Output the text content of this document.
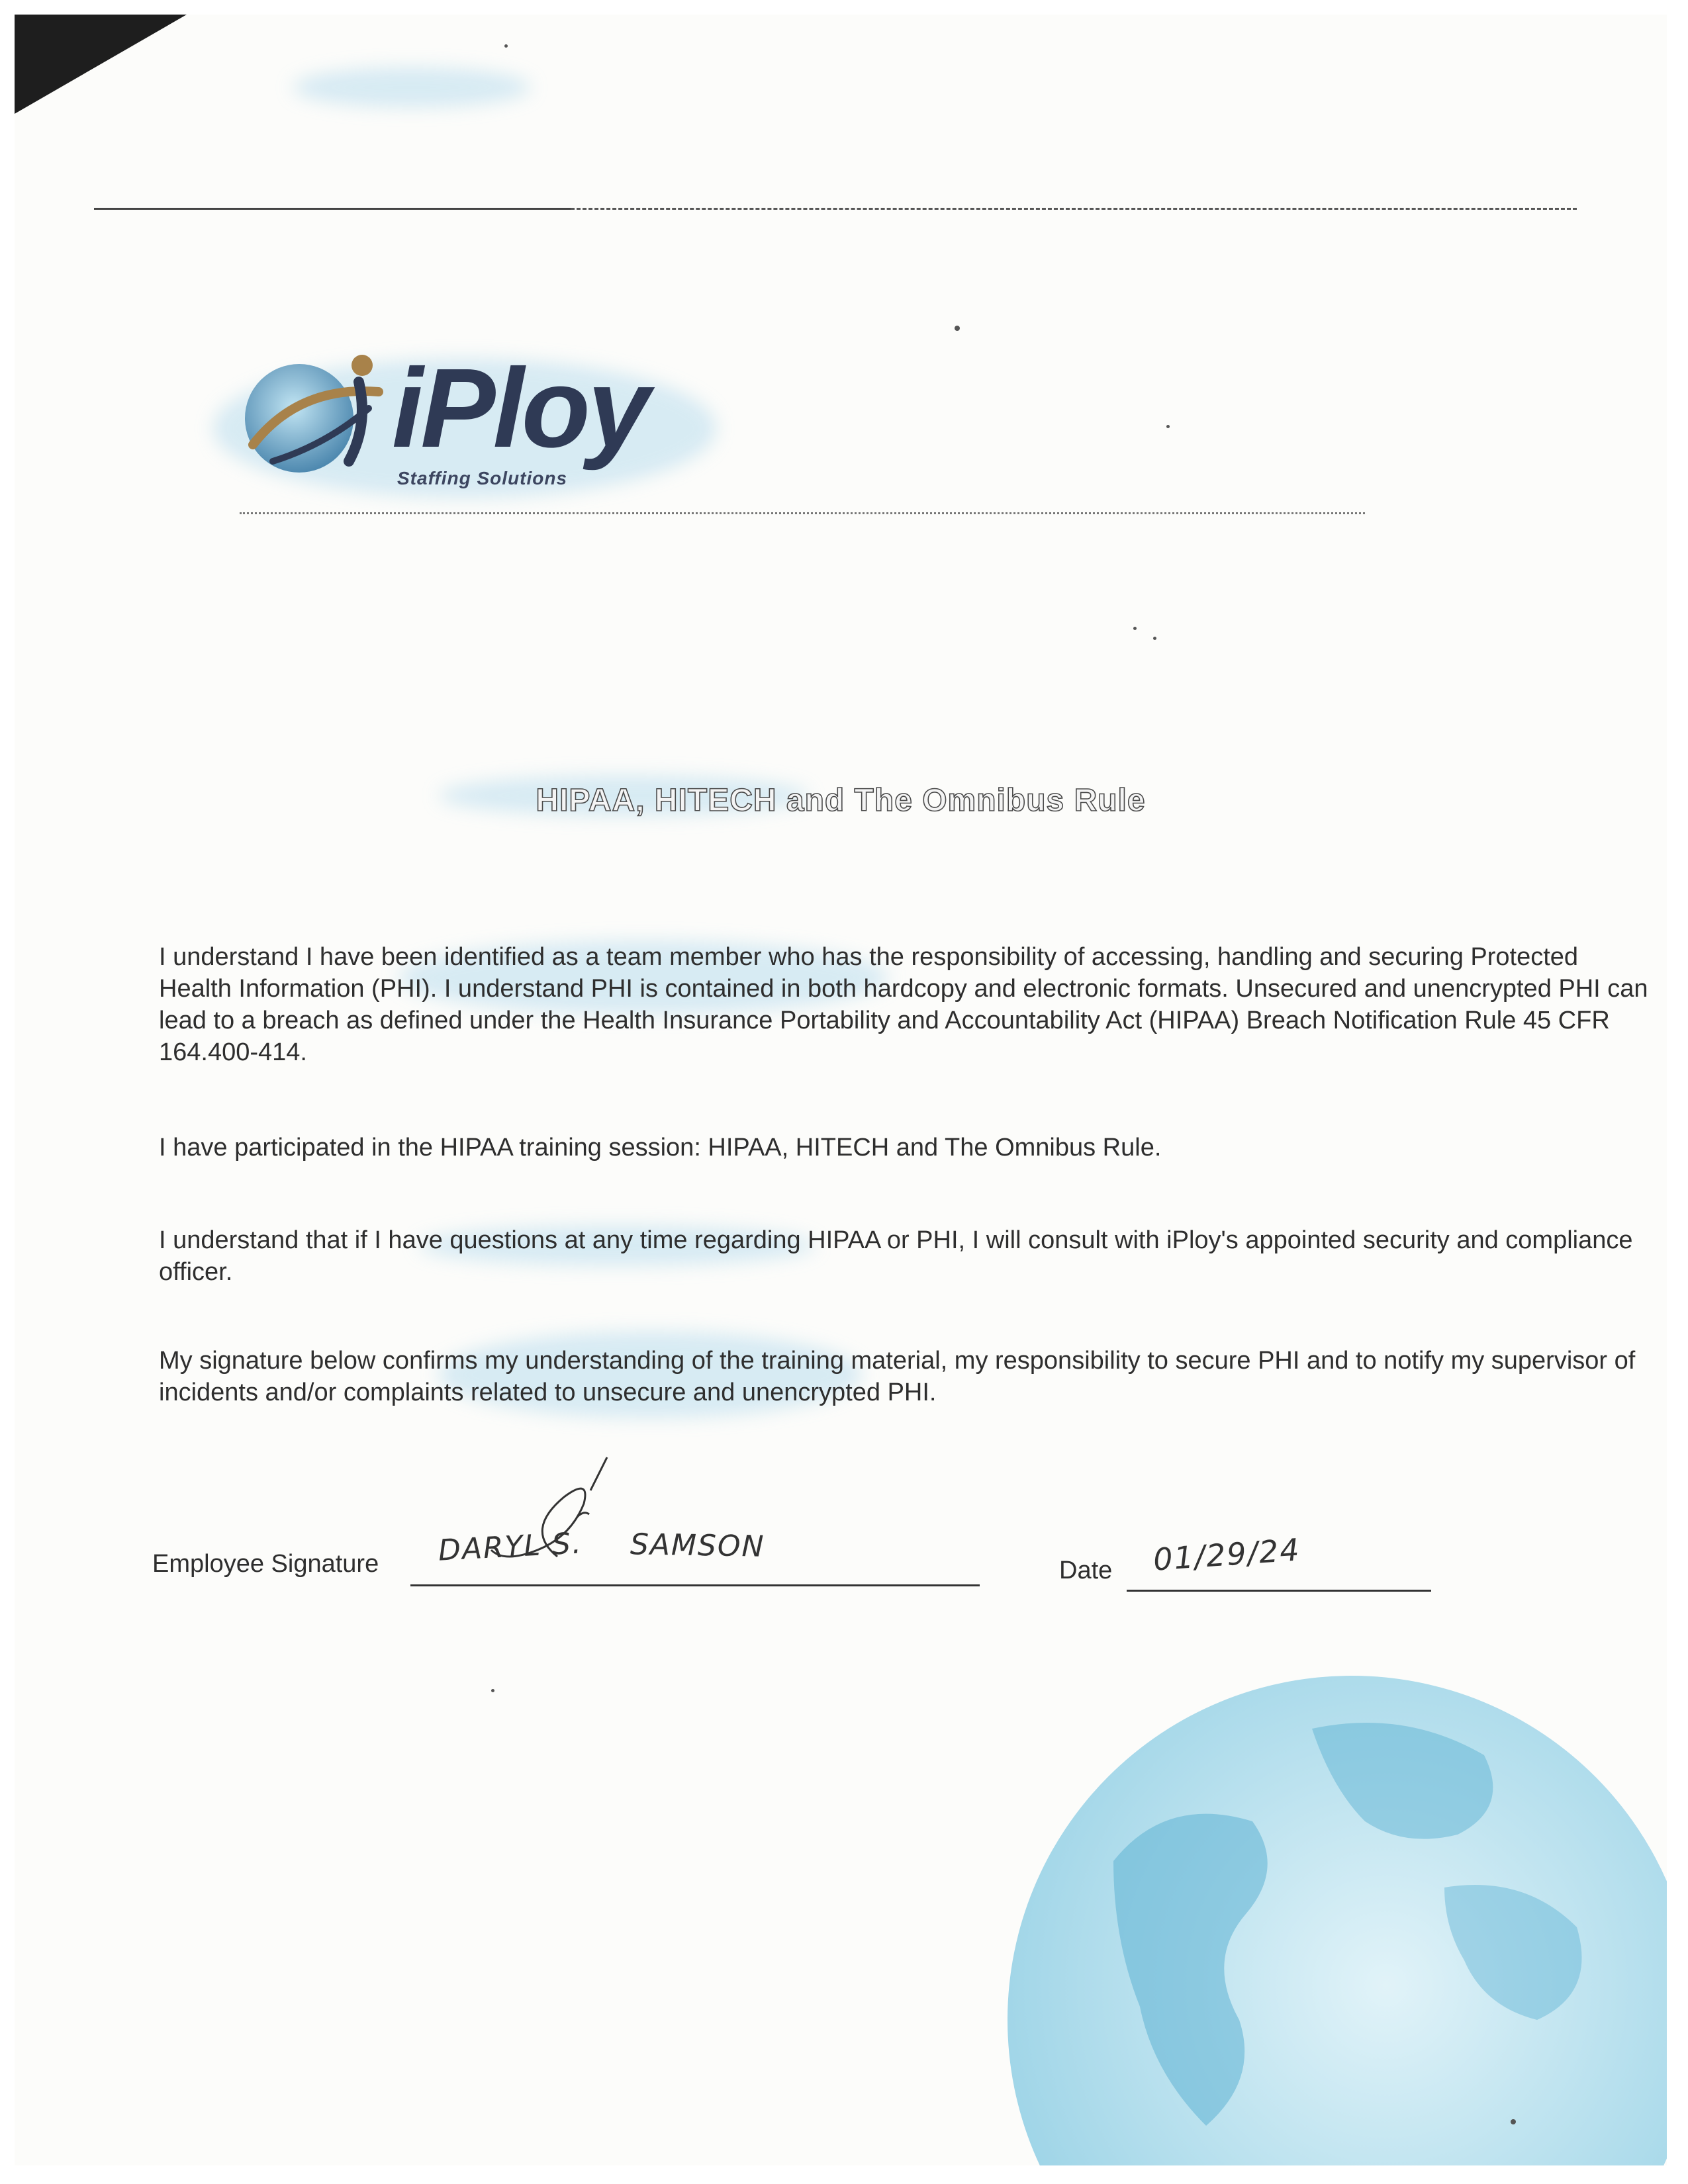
iPloy
Staffing Solutions
HIPAA, HITECH and The Omnibus Rule
I understand I have been identified as a team member who has the responsibility of accessing, handling and securing Protected Health Information (PHI). I understand PHI is contained in both hardcopy and electronic formats. Unsecured and unencrypted PHI can lead to a breach as defined under the Health Insurance Portability and Accountability Act (HIPAA) Breach Notification Rule 45 CFR 164.400-414.
I have participated in the HIPAA training session: HIPAA, HITECH and The Omnibus Rule.
I understand that if I have questions at any time regarding HIPAA or PHI, I will consult with iPloy's appointed security and compliance officer.
My signature below confirms my understanding of the training material, my responsibility to secure PHI and to notify my supervisor of incidents and/or complaints related to unsecure and unencrypted PHI.
Employee Signature DARYL S. SAMSON
Date 01/29/24
